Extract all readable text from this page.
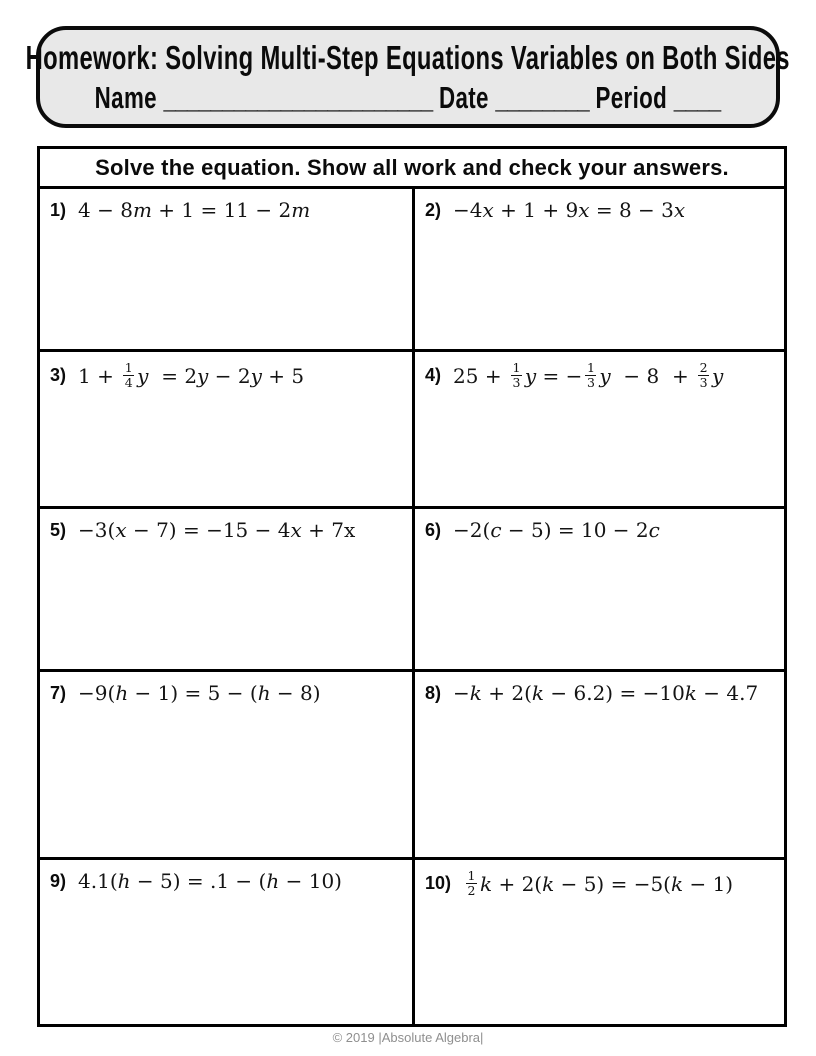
Homework: Solving Multi-Step Equations Variables on Both Sides
Name _______________________ Date ________ Period ____
Solve the equation. Show all work and check your answers.
1) 4 − 8 m + 1 = 11 − 2 m	2) −4 x + 1 + 9 x = 8 − 3 x
3) $1 + \frac{1}{4}$ y = 2 y − 2 y + 5	4) $25 + \frac{1}{3}$ y = − $\frac{1}{3}$ $y - 8 + \frac{2}{3}$ y
5) −3( x − 7) = −15 − 4 x + 7x	6) −2( c − 5) = 10 − 2 c
7) −9( h − 1) = 5 − ( h − 8)	8) − k + 2( k − 6.2) = −10 k − 4.7
9) 4.1( h − 5) = .1 − ( h − 10)	$10) \frac{1}{2}$ k + 2( k − 5) = −5( k − 1)
© 2019 |Absolute Algebra|
